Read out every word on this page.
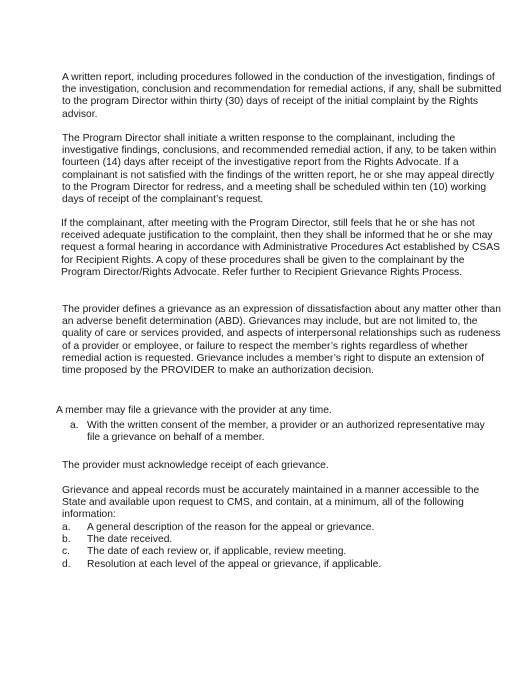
A written report, including procedures followed in the conduction of the investigation, findings of the investigation, conclusion and recommendation for remedial actions, if any, shall be submitted to the program Director within thirty (30) days of receipt of the initial complaint by the Rights advisor.

The Program Director shall initiate a written response to the complainant, including the investigative findings, conclusions, and recommended remedial action, if any, to be taken within fourteen (14) days after receipt of the investigative report from the Rights Advocate. If a complainant is not satisfied with the findings of the written report, he or she may appeal directly to the Program Director for redress, and a meeting shall be scheduled within ten (10) working days of receipt of the complainant’s request.

If the complainant, after meeting with the Program Director, still feels that he or she has not received adequate justification to the complaint, then they shall be informed that he or she may request a formal hearing in accordance with Administrative Procedures Act established by CSAS for Recipient Rights. A copy of these procedures shall be given to the complainant by the Program Director/Rights Advocate. Refer further to Recipient Grievance Rights Process.

The provider defines a grievance as an expression of dissatisfaction about any matter other than an adverse benefit determination (ABD). Grievances may include, but are not limited to, the quality of care or services provided, and aspects of interpersonal relationships such as rudeness of a provider or employee, or failure to respect the member’s rights regardless of whether remedial action is requested. Grievance includes a member’s right to dispute an extension of time proposed by the PROVIDER to make an authorization decision.

A member may file a grievance with the provider at any time.

a. With the written consent of the member, a provider or an authorized representative may file a grievance on behalf of a member.

The provider must acknowledge receipt of each grievance.

Grievance and appeal records must be accurately maintained in a manner accessible to the State and available upon request to CMS, and contain, at a minimum, all of the following information:

a. A general description of the reason for the appeal or grievance.
b. The date received.
c. The date of each review or, if applicable, review meeting.
d. Resolution at each level of the appeal or grievance, if applicable.
